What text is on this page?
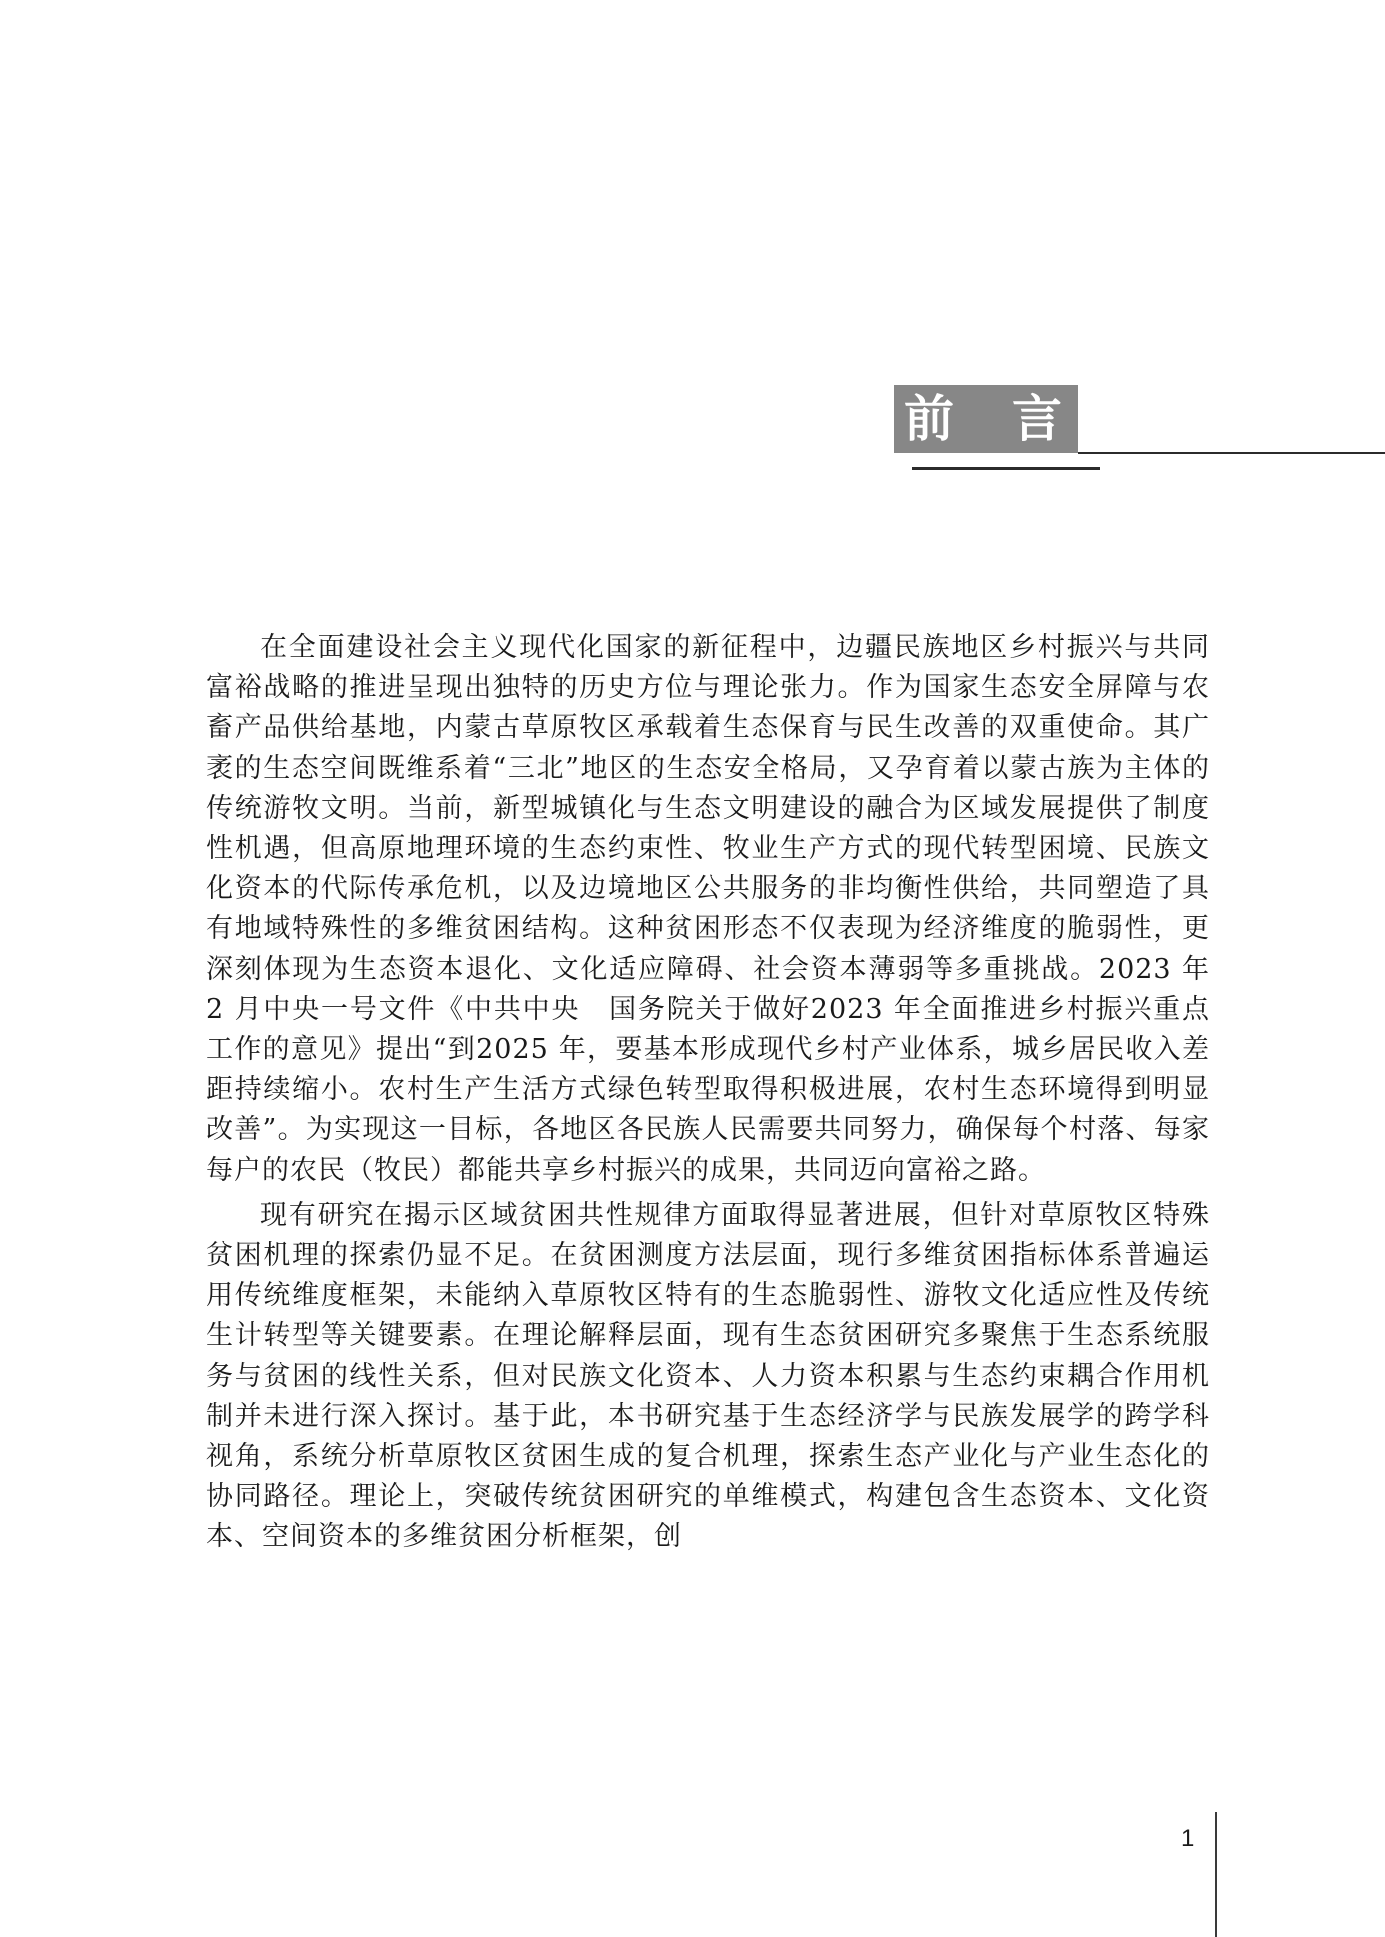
前 言

在全面建设社会主义现代化国家的新征程中，边疆民族地区乡村振兴与共同富裕战略的推进呈现出独特的历史方位与理论张力。作为国家生态安全屏障与农畜产品供给基地，内蒙古草原牧区承载着生态保育与民生改善的双重使命。其广袤的生态空间既维系着“三北”地区的生态安全格局，又孕育着以蒙古族为主体的传统游牧文明。当前，新型城镇化与生态文明建设的融合为区域发展提供了制度性机遇，但高原地理环境的生态约束性、牧业生产方式的现代转型困境、民族文化资本的代际传承危机，以及边境地区公共服务的非均衡性供给，共同塑造了具有地域特殊性的多维贫困结构。这种贫困形态不仅表现为经济维度的脆弱性，更深刻体现为生态资本退化、文化适应障碍、社会资本薄弱等多重挑战。2023 年 2 月中央一号文件《中共中央　国务院关于做好2023 年全面推进乡村振兴重点工作的意见》提出“到2025 年，要基本形成现代乡村产业体系，城乡居民收入差距持续缩小。农村生产生活方式绿色转型取得积极进展，农村生态环境得到明显改善”。为实现这一目标，各地区各民族人民需要共同努力，确保每个村落、每家每户的农民（牧民）都能共享乡村振兴的成果，共同迈向富裕之路。

现有研究在揭示区域贫困共性规律方面取得显著进展，但针对草原牧区特殊贫困机理的探索仍显不足。在贫困测度方法层面，现行多维贫困指标体系普遍运用传统维度框架，未能纳入草原牧区特有的生态脆弱性、游牧文化适应性及传统生计转型等关键要素。在理论解释层面，现有生态贫困研究多聚焦于生态系统服务与贫困的线性关系，但对民族文化资本、人力资本积累与生态约束耦合作用机制并未进行深入探讨。基于此，本书研究基于生态经济学与民族发展学的跨学科视角，系统分析草原牧区贫困生成的复合机理，探索生态产业化与产业生态化的协同路径。理论上，突破传统贫困研究的单维模式，构建包含生态资本、文化资本、空间资本的多维贫困分析框架，创

1
